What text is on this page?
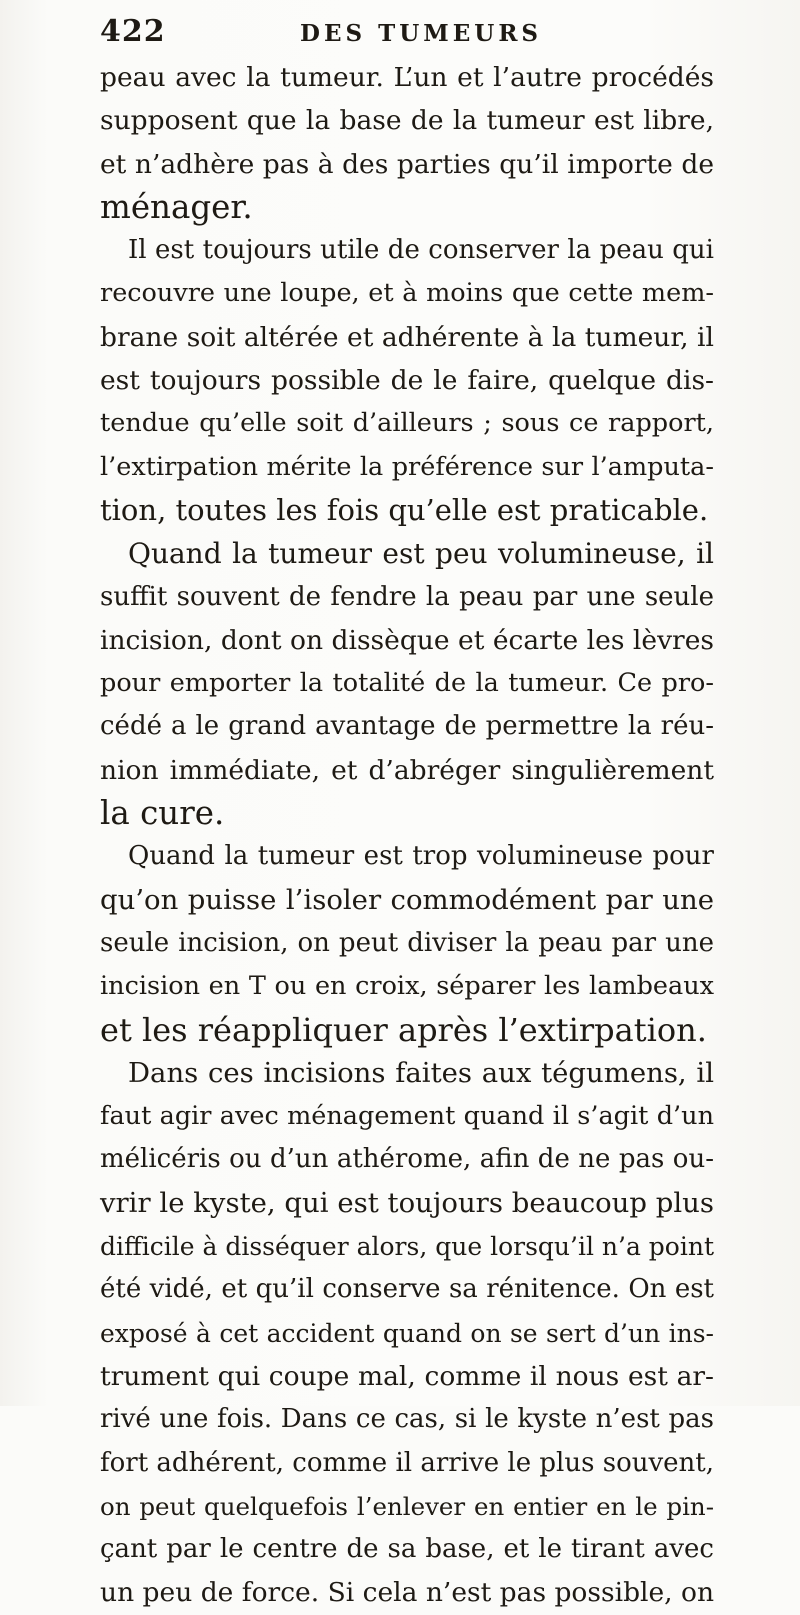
422	DES TUMEURS
peau avec la tumeur. L’un et l’autre procédés
supposent que la base de la tumeur est libre,
et n’adhère pas à des parties qu’il importe de
ménager.
Il est toujours utile de conserver la peau qui
recouvre une loupe, et à moins que cette mem-
brane soit altérée et adhérente à la tumeur, il
est toujours possible de le faire, quelque dis-
tendue qu’elle soit d’ailleurs ; sous ce rapport,
l’extirpation mérite la préférence sur l’amputa-
tion, toutes les fois qu’elle est praticable.
Quand la tumeur est peu volumineuse, il
suffit souvent de fendre la peau par une seule
incision, dont on dissèque et écarte les lèvres
pour emporter la totalité de la tumeur. Ce pro-
cédé a le grand avantage de permettre la réu-
nion immédiate, et d’abréger singulièrement
la cure.
Quand la tumeur est trop volumineuse pour
qu’on puisse l’isoler commodément par une
seule incision, on peut diviser la peau par une
incision en T ou en croix, séparer les lambeaux
et les réappliquer après l’extirpation.
Dans ces incisions faites aux tégumens, il
faut agir avec ménagement quand il s’agit d’un
mélicéris ou d’un athérome, afin de ne pas ou-
vrir le kyste, qui est toujours beaucoup plus
difficile à disséquer alors, que lorsqu’il n’a point
été vidé, et qu’il conserve sa rénitence. On est
exposé à cet accident quand on se sert d’un ins-
trument qui coupe mal, comme il nous est ar-
rivé une fois. Dans ce cas, si le kyste n’est pas
fort adhérent, comme il arrive le plus souvent,
on peut quelquefois l’enlever en entier en le pin-
çant par le centre de sa base, et le tirant avec
un peu de force. Si cela n’est pas possible, on
